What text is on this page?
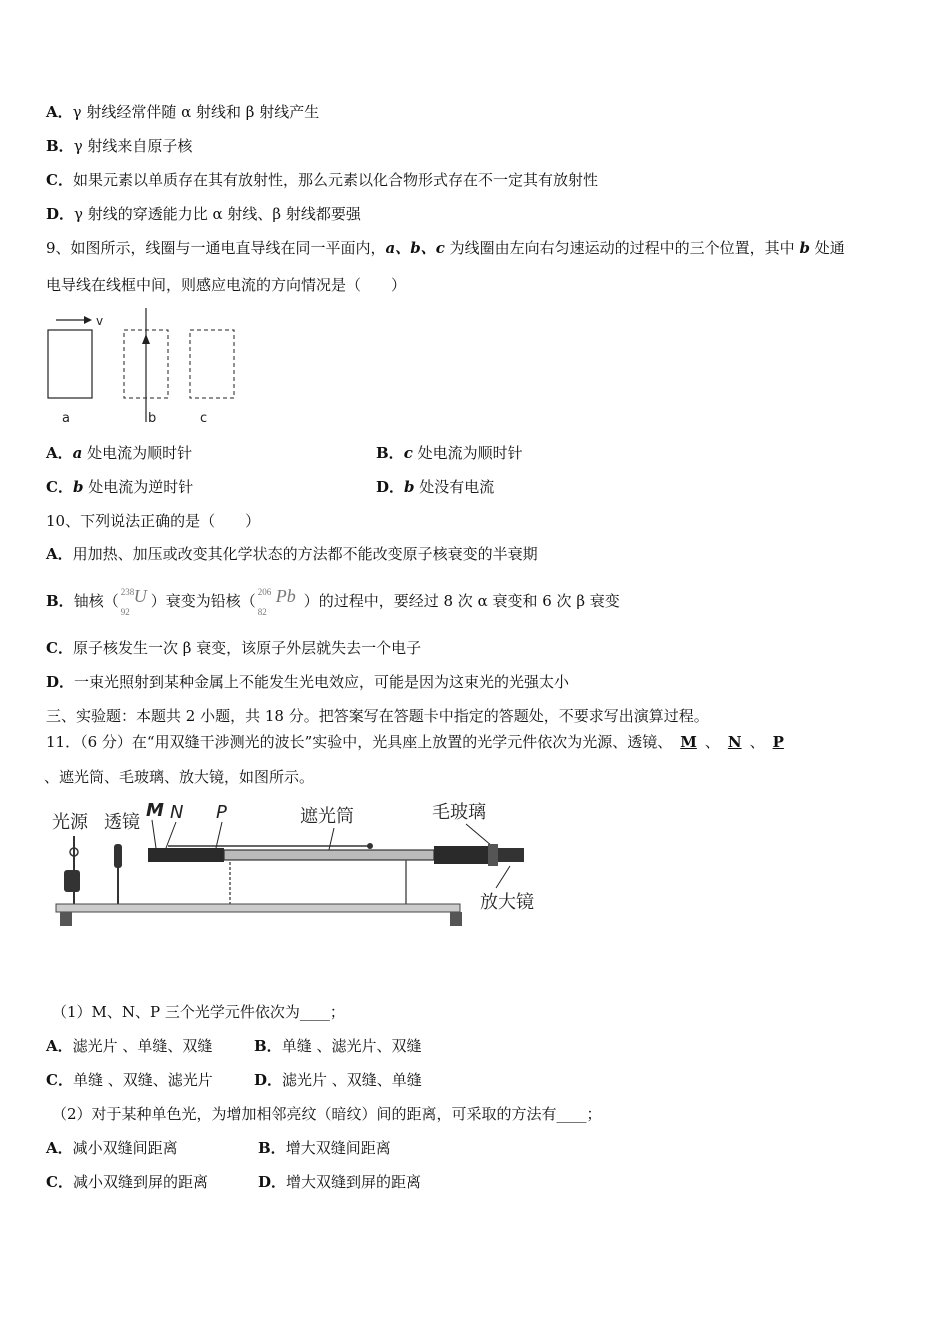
A．γ 射线经常伴随 α 射线和 β 射线产生
B．γ 射线来自原子核
C．如果元素以单质存在其有放射性，那么元素以化合物形式存在不一定其有放射性
D．γ 射线的穿透能力比 α 射线、β 射线都要强
9、如图所示，线圈与一通电直导线在同一平面内，a、b、c 为线圈由左向右匀速运动的过程中的三个位置，其中 b 处通
电导线在线框中间，则感应电流的方向情况是（　　）
v
a	b	c
A．a 处电流为顺时针	B．c 处电流为顺时针
C．b 处电流为逆时针	D．b 处没有电流
10、下列说法正确的是（　　）
A．用加热、加压或改变其化学状态的方法都不能改变原子核衰变的半衰期
B．铀核（ 238
92
U ）衰变为铅核（ 206
82
Pb ）的过程中，要经过 8 次 α 衰变和 6 次 β 衰变
C．原子核发生一次 β 衰变，该原子外层就失去一个电子
D．一束光照射到某种金属上不能发生光电效应，可能是因为这束光的光强太小
三、实验题：本题共 2 小题，共 18 分。把答案写在答题卡中指定的答题处，不要求写出演算过程。
11．（6 分）在“用双缝干涉测光的波长”实验中，光具座上放置的光学元件依次为光源、透镜、 M 、 N 、 P
、遮光筒、毛玻璃、放大镜，如图所示。
光源 透镜
M N P	遮光筒	毛玻璃
放大镜
（1）M、N、P 三个光学元件依次为____；
A．滤光片 、单缝、双缝	B．单缝 、滤光片、双缝
C．单缝 、双缝、滤光片	D．滤光片 、双缝、单缝
（2）对于某种单色光，为增加相邻亮纹（暗纹）间的距离，可采取的方法有____；
A．减小双缝间距离	B．增大双缝间距离
C．减小双缝到屏的距离	D．增大双缝到屏的距离
